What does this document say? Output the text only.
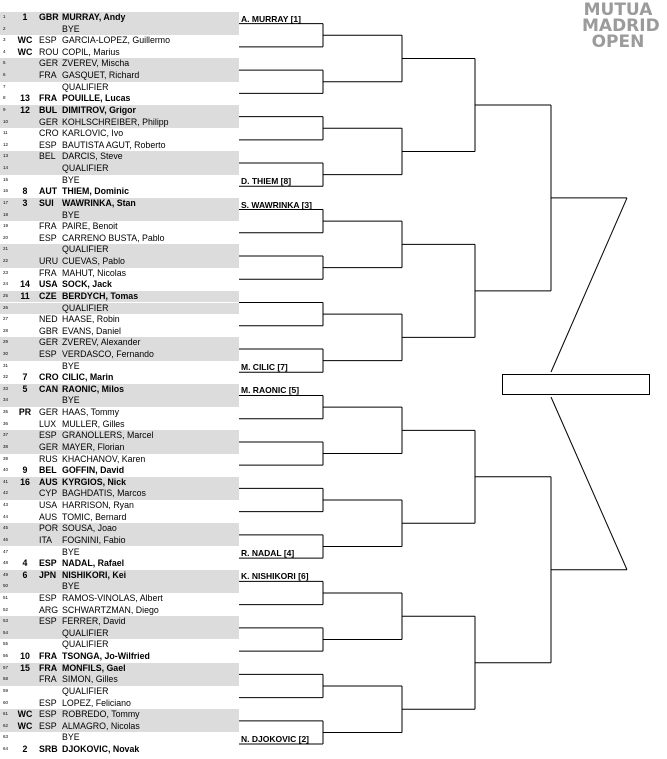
1	1	GBR MURRAY, Andy
2	BYE
3	WC ESP GARCIA-LOPEZ, Guillermo
4	WC ROU COPIL, Marius
5	GER ZVEREV, Mischa
6	FRA GASQUET, Richard
7	QUALIFIER
8	13	FRA POUILLE, Lucas
9	12	BUL DIMITROV, Grigor
10	GER KOHLSCHREIBER, Philipp
11	CRO KARLOVIC, Ivo
12	ESP BAUTISTA AGUT, Roberto
13	BEL DARCIS, Steve
14	QUALIFIER
15	BYE
16	8	AUT THIEM, Dominic
17	3	SUI WAWRINKA, Stan
18	BYE
19	FRA PAIRE, Benoit
20	ESP CARRENO BUSTA, Pablo
21	QUALIFIER
22	URU CUEVAS, Pablo
23	FRA MAHUT, Nicolas
24	14	USA SOCK, Jack
25	11	CZE BERDYCH, Tomas
26	QUALIFIER
27	NED HAASE, Robin
28	GBR EVANS, Daniel
29	GER ZVEREV, Alexander
30	ESP VERDASCO, Fernando
31	BYE
32	7	CRO CILIC, Marin
33	5	CAN RAONIC, Milos
34	BYE
35	PR GER HAAS, Tommy
36	LUX MULLER, Gilles
37	ESP GRANOLLERS, Marcel
38	GER MAYER, Florian
39	RUS KHACHANOV, Karen
40	9	BEL GOFFIN, David
41	16	AUS KYRGIOS, Nick
42	CYP BAGHDATIS, Marcos
43	USA HARRISON, Ryan
44	AUS TOMIC, Bernard
45	POR SOUSA, Joao
46	ITA FOGNINI, Fabio
47	BYE
48	4	ESP NADAL, Rafael
49	6	JPN NISHIKORI, Kei
50	BYE
51	ESP RAMOS-VINOLAS, Albert
52	ARG SCHWARTZMAN, Diego
53	ESP FERRER, David
54	QUALIFIER
55	QUALIFIER
56	10	FRA TSONGA, Jo-Wilfried
57	15	FRA MONFILS, Gael
58	FRA SIMON, Gilles
59	QUALIFIER
60	ESP LOPEZ, Feliciano
61	WC ESP ROBREDO, Tommy
62	WC ESP ALMAGRO, Nicolas
63	BYE
64	2	SRB DJOKOVIC, Novak
A. MURRAY [1]
D. THIEM [8]
S. WAWRINKA [3]
M. CILIC [7]
M. RAONIC [5]
R. NADAL [4]
K. NISHIKORI [6]
N. DJOKOVIC [2]
MUTUA
MADRID
OPEN
